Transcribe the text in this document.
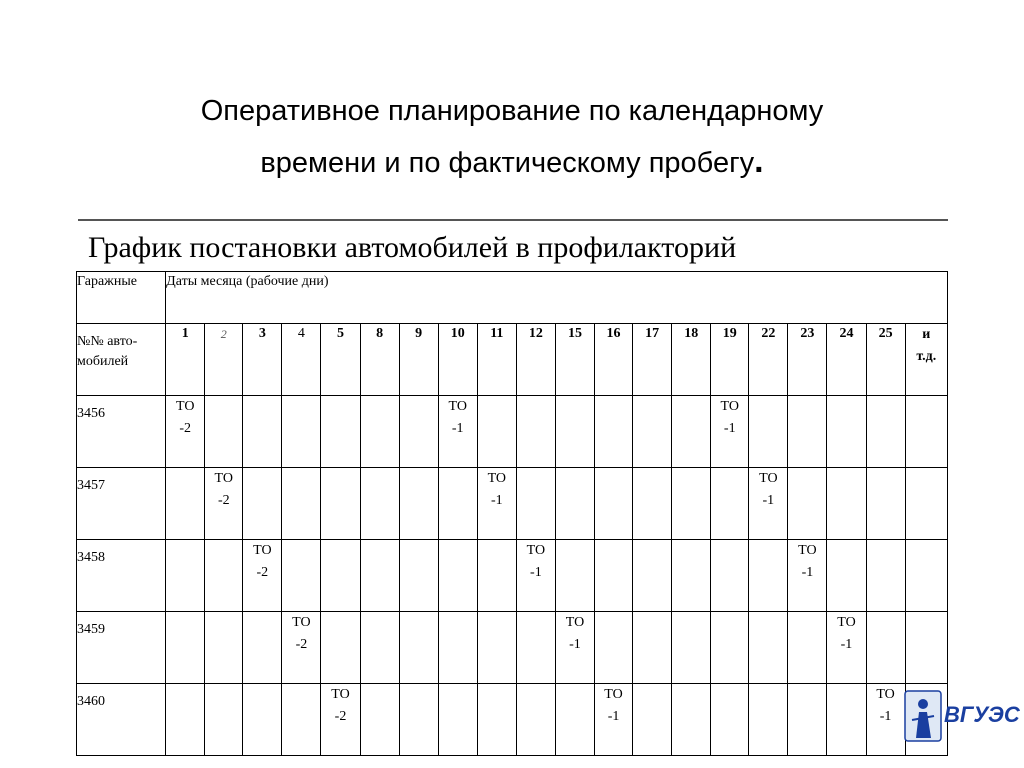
Оперативное планирование по календарному
времени и по фактическому пробегу.
График постановки автомобилей в профилакторий
Гаражные	Даты месяца (рабочие дни)																			
№№ авто-мобилей	1	2	3	4	5	8	9	10	11	12	15	16	17	18	19	22	23	24	25	и т.д.

3456	ТО-2							ТО-1							ТО-1					

3457		ТО-2							ТО-1							ТО-1				

3458			ТО-2							ТО-1							ТО-1			

3459				ТО-2							ТО-1							ТО-1		

3460					ТО-2							ТО-1							ТО-1	
	ВГУЭС
